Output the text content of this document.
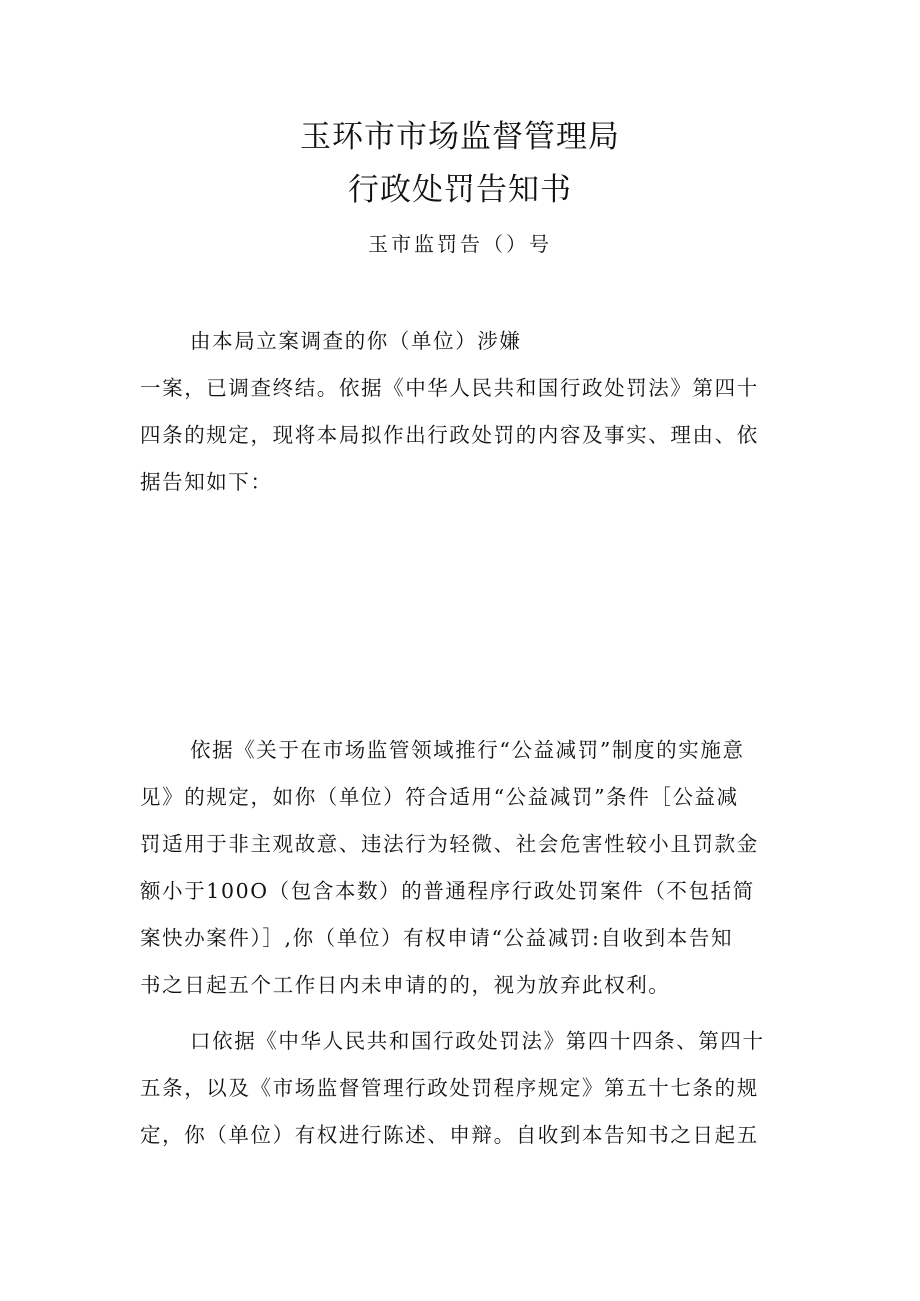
玉环市市场监督管理局
行政处罚告知书
玉市监罚告（）号

由本局立案调查的你（单位）涉嫌
一案，已调查终结。依据《中华人民共和国行政处罚法》第四十
四条的规定，现将本局拟作出行政处罚的内容及事实、理由、依
据告知如下：

依据《关于在市场监管领域推行“公益减罚”制度的实施意
见》的规定，如你（单位）符合适用“公益减罚”条件［公益减
罚适用于非主观故意、违法行为轻微、社会危害性较小且罚款金
额小于100O（包含本数）的普通程序行政处罚案件（不包括简
案快办案件）］,你（单位）有权申请“公益减罚:自收到本告知
书之日起五个工作日内未申请的的，视为放弃此权利。

口依据《中华人民共和国行政处罚法》第四十四条、第四十
五条，以及《市场监督管理行政处罚程序规定》第五十七条的规
定，你（单位）有权进行陈述、申辩。自收到本告知书之日起五
